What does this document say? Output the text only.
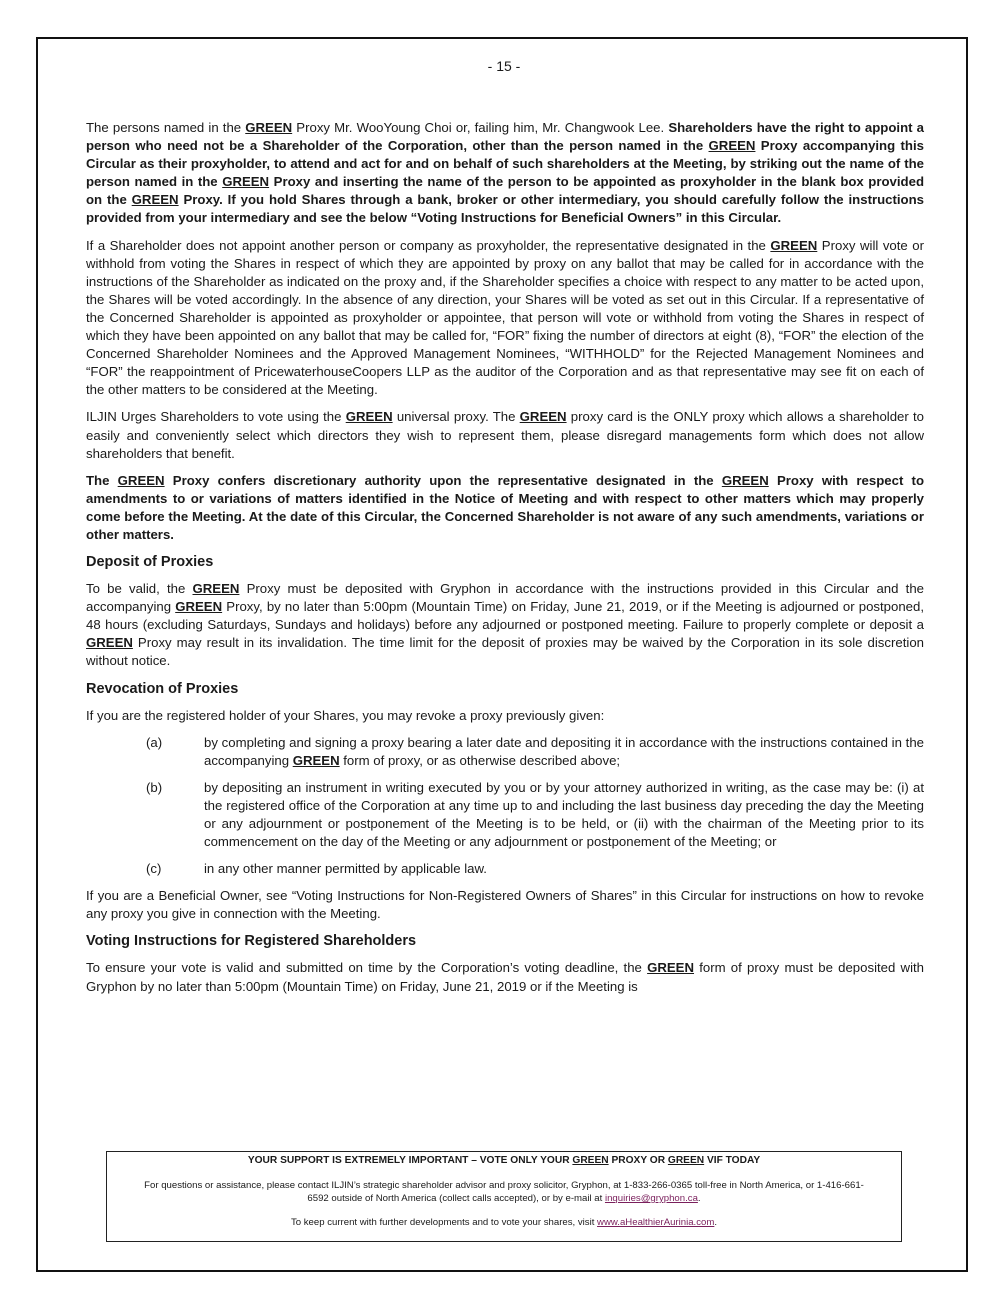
- 15 -

The persons named in the GREEN Proxy Mr. WooYoung Choi or, failing him, Mr. Changwook Lee. Shareholders have the right to appoint a person who need not be a Shareholder of the Corporation, other than the person named in the GREEN Proxy accompanying this Circular as their proxyholder, to attend and act for and on behalf of such shareholders at the Meeting, by striking out the name of the person named in the GREEN Proxy and inserting the name of the person to be appointed as proxyholder in the blank box provided on the GREEN Proxy. If you hold Shares through a bank, broker or other intermediary, you should carefully follow the instructions provided from your intermediary and see the below “Voting Instructions for Beneficial Owners” in this Circular.

If a Shareholder does not appoint another person or company as proxyholder, the representative designated in the GREEN Proxy will vote or withhold from voting the Shares in respect of which they are appointed by proxy on any ballot that may be called for in accordance with the instructions of the Shareholder as indicated on the proxy and, if the Shareholder specifies a choice with respect to any matter to be acted upon, the Shares will be voted accordingly. In the absence of any direction, your Shares will be voted as set out in this Circular. If a representative of the Concerned Shareholder is appointed as proxyholder or appointee, that person will vote or withhold from voting the Shares in respect of which they have been appointed on any ballot that may be called for, “FOR” fixing the number of directors at eight (8), “FOR” the election of the Concerned Shareholder Nominees and the Approved Management Nominees, “WITHHOLD” for the Rejected Management Nominees and “FOR” the reappointment of PricewaterhouseCoopers LLP as the auditor of the Corporation and as that representative may see fit on each of the other matters to be considered at the Meeting.

ILJIN Urges Shareholders to vote using the GREEN universal proxy. The GREEN proxy card is the ONLY proxy which allows a shareholder to easily and conveniently select which directors they wish to represent them, please disregard managements form which does not allow shareholders that benefit.

The GREEN Proxy confers discretionary authority upon the representative designated in the GREEN Proxy with respect to amendments to or variations of matters identified in the Notice of Meeting and with respect to other matters which may properly come before the Meeting. At the date of this Circular, the Concerned Shareholder is not aware of any such amendments, variations or other matters.

Deposit of Proxies

To be valid, the GREEN Proxy must be deposited with Gryphon in accordance with the instructions provided in this Circular and the accompanying GREEN Proxy, by no later than 5:00pm (Mountain Time) on Friday, June 21, 2019, or if the Meeting is adjourned or postponed, 48 hours (excluding Saturdays, Sundays and holidays) before any adjourned or postponed meeting. Failure to properly complete or deposit a GREEN Proxy may result in its invalidation. The time limit for the deposit of proxies may be waived by the Corporation in its sole discretion without notice.

Revocation of Proxies

If you are the registered holder of your Shares, you may revoke a proxy previously given:

(a)	by completing and signing a proxy bearing a later date and depositing it in accordance with the instructions contained in the accompanying GREEN form of proxy, or as otherwise described above;
(b)	by depositing an instrument in writing executed by you or by your attorney authorized in writing, as the case may be: (i) at the registered office of the Corporation at any time up to and including the last business day preceding the day the Meeting or any adjournment or postponement of the Meeting is to be held, or (ii) with the chairman of the Meeting prior to its commencement on the day of the Meeting or any adjournment or postponement of the Meeting; or
(c)	in any other manner permitted by applicable law.

If you are a Beneficial Owner, see “Voting Instructions for Non-Registered Owners of Shares” in this Circular for instructions on how to revoke any proxy you give in connection with the Meeting.

Voting Instructions for Registered Shareholders

To ensure your vote is valid and submitted on time by the Corporation’s voting deadline, the GREEN form of proxy must be deposited with Gryphon by no later than 5:00pm (Mountain Time) on Friday, June 21, 2019 or if the Meeting is

YOUR SUPPORT IS EXTREMELY IMPORTANT – VOTE ONLY YOUR GREEN PROXY OR GREEN VIF TODAY
For questions or assistance, please contact ILJIN’s strategic shareholder advisor and proxy solicitor, Gryphon, at 1-833-266-0365 toll-free in North America, or 1-416-661-6592 outside of North America (collect calls accepted), or by e-mail at inquiries@gryphon.ca.
To keep current with further developments and to vote your shares, visit www.aHealthierAurinia.com.
